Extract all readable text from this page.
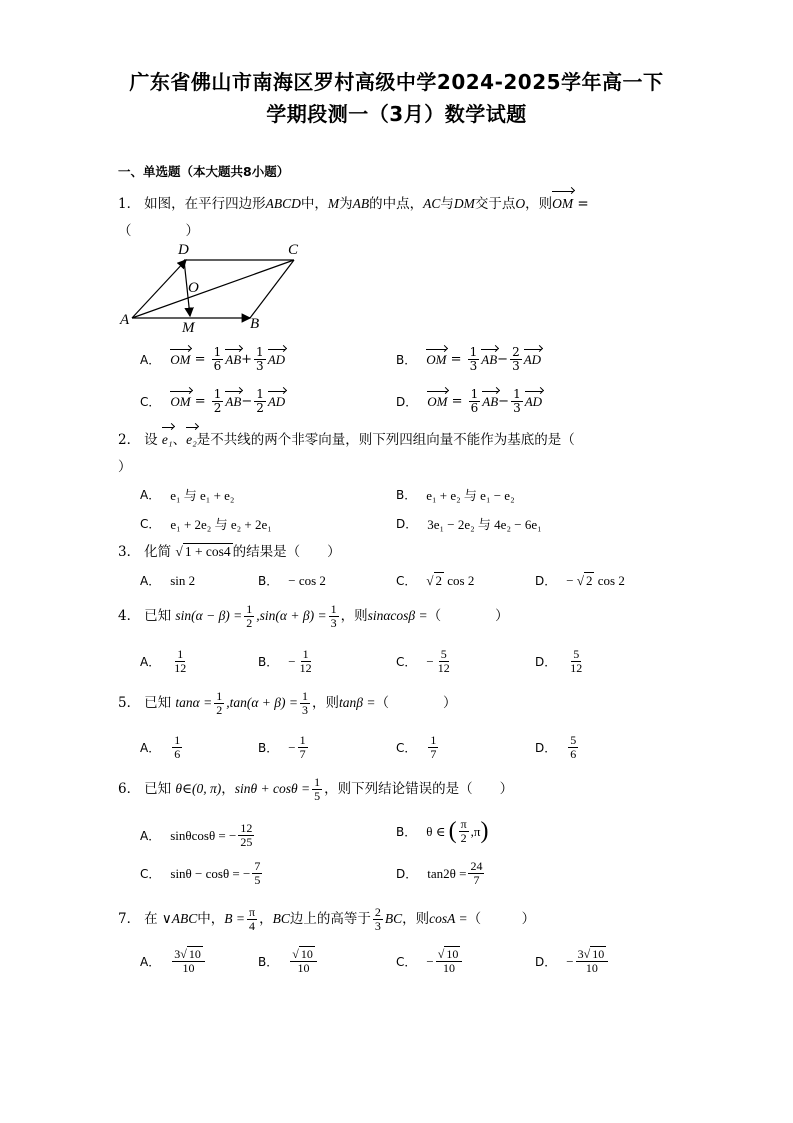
广东省佛山市南海区罗村高级中学2024-2025学年高一下
学期段测一（3月）数学试题
一、单选题（本大题共8小题）
1． 如图，在平行四边形ABCD中，M为AB的中点，AC与DM交于点O，则OM =
（　　　　）
A	B
C
D
M
O
A． OM = $\frac{1}{6}$ AB + $\frac{1}{3}$ AD	B． OM = $\frac{1}{3}$ AB − $\frac{2}{3}$ AD
C． OM = $\frac{1}{2}$ AB − $\frac{1}{2}$ AD	D． OM = $\frac{1}{6}$ AB − $\frac{1}{3}$ AD
2． 设 e₁、e₂是不共线的两个非零向量，则下列四组向量不能作为基底的是（
）
A． e₁ 与 e₁ + e₂	B． e₁ + e₂ 与 e₁ − e₂
C． e₁ + 2e₂ 与 e₂ + 2e₁	D． 3e₁ − 2e₂ 与 4e₂ − 6e₁
3． 化简 √ 1 + cos4 的结果是（　　）
A． sin 2	B． − cos 2	C． √ 2
cos 2	D． − √ 2
cos 2
4． 已知 $\sin(\alpha - \beta) = \frac{1}{2} ,\sin(\alpha + \beta) = \frac{1}{3}$ ，则sinαcosβ =（　　　　）
A． $\frac{1}{12}$	B． − $\frac{1}{12}$	C． − $\frac{5}{12}$	D． $\frac{5}{12}$
5． 已知 $\tan\alpha = \frac{1}{2} ,\tan(\alpha + \beta) = \frac{1}{3}$ ，则tanβ =（　　　　）
A． $\frac{1}{6}$	B． − $\frac{1}{7}$	C． $\frac{1}{7}$	D． $\frac{5}{6}$
6． 已知 θ∈(0, π)，$\sin\theta + \cos\theta = \frac{1}{5}$ ，则下列结论错误的是（　　）
A． sinθcosθ = − $\frac{12}{25}$	B． θ ∈
( $\frac{\pi}{2} ,\pi$ )
C． sinθ − cosθ = − $\frac{7}{5}$	D． $\tan 2\theta = \frac{24}{7}$
7． 在 ∨ABC中，$B = \frac{\pi}{4}$ ，BC边上的高等于 $\frac{2}{3}$ BC，则cosA =（　　　）
A． $\frac{3√ 10}{10}$	B． $\frac{√ 10}{10}$	C． − $\frac{√ 10}{10}$	D． − $\frac{3√ 10}{10}$
